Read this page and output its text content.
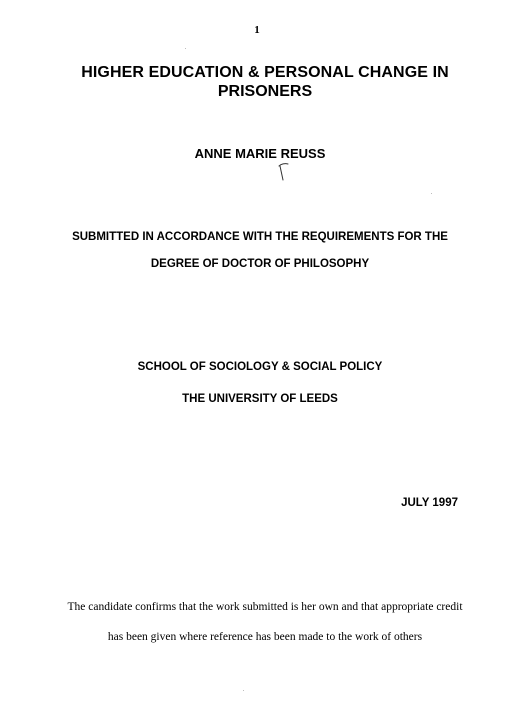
1
HIGHER EDUCATION & PERSONAL CHANGE IN
PRISONERS
ANNE MARIE REUSS
SUBMITTED IN ACCORDANCE WITH THE REQUIREMENTS FOR THE
DEGREE OF DOCTOR OF PHILOSOPHY
SCHOOL OF SOCIOLOGY & SOCIAL POLICY
THE UNIVERSITY OF LEEDS
JULY 1997
The candidate confirms that the work submitted is her own and that appropriate credit
has been given where reference has been made to the work of others
